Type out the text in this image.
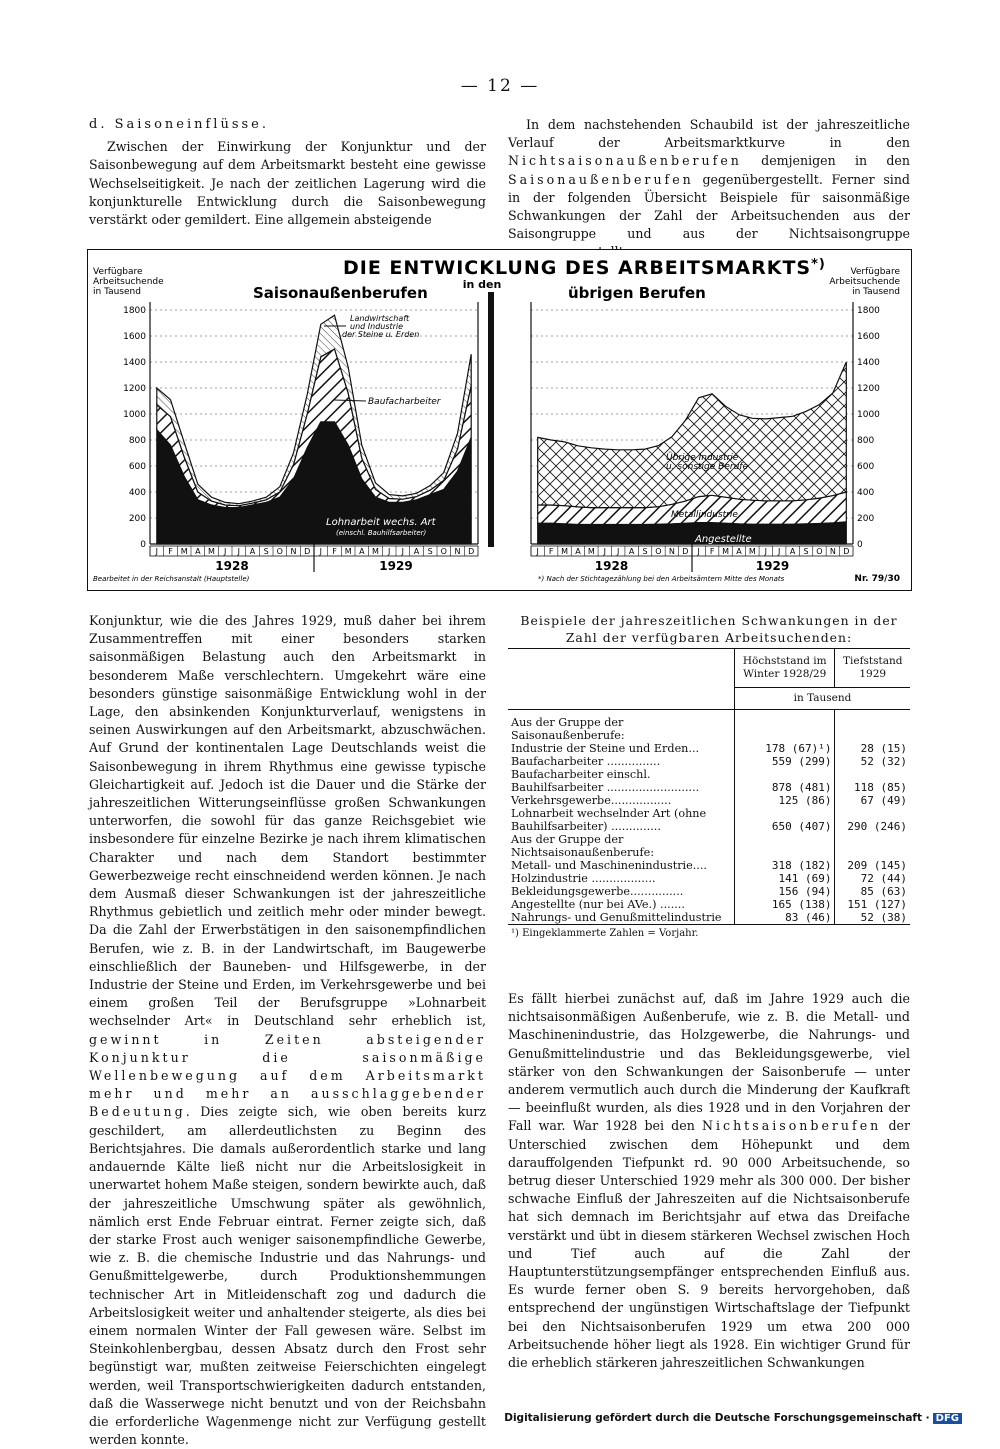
— 12 —
d. Saisoneinflüsse.

Zwischen der Einwirkung der Konjunktur und der Saisonbewegung auf dem Arbeitsmarkt besteht eine gewisse Wechselseitigkeit. Je nach der zeitlichen Lagerung wird die konjunkturelle Entwicklung durch die Saisonbewegung verstärkt oder gemildert. Eine allgemein absteigende

In dem nachstehenden Schaubild ist der jahreszeitliche Verlauf der Arbeitsmarktkurve in den Nichtsaisonaußenberufen demjenigen in den Saisonaußenberufen gegenübergestellt. Ferner sind in der folgenden Übersicht Beispiele für saisonmäßige Schwankungen der Zahl der Arbeitsuchenden aus der Saisongruppe und aus der Nichtsaisongruppe

DIE ENTWICKLUNG DES ARBEITSMARKTS*)
in den
Saisonaußenberufen	übrigen Berufen
Verfügbare
Arbeitsuchende
in Tausend
Verfügbare
Arbeitsuchende
in Tausend
0
200
400
600
800
1000
1200
1400
1600
1800
J F M A M J J A S O N D J F M A M J J A S O N D
1928	1929
0
200
400
600
800
1000
1200
1400
1600
1800
J F M A M J J A S O N D J F M A M J J A S O N D
1928	1929
Landwirtschaft
und Industrie
der Steine u. Erden
Baufacharbeiter
Lohnarbeit wechs. Art
(einschl. Bauhilfsarbeiter)
Übrige Industrie
u. sonstige Berufe
Metallindustrie
Angestellte
Bearbeitet in der Reichsanstalt (Hauptstelle)	*) Nach der Stichtagezählung bei den Arbeitsämtern Mitte des Monats	Nr. 79/30

Konjunktur, wie die des Jahres 1929, muß daher bei ihrem Zusammentreffen mit einer besonders starken saisonmäßigen Belastung auch den Arbeitsmarkt in besonderem Maße verschlechtern. Umgekehrt wäre eine besonders günstige saisonmäßige Entwicklung wohl in der Lage, den absinkenden Konjunkturverlauf, wenigstens in seinen Auswirkungen auf den Arbeitsmarkt, abzuschwächen. Auf Grund der kontinentalen Lage Deutschlands weist die Saisonbewegung in ihrem Rhythmus eine gewisse typische Gleichartigkeit auf. Jedoch ist die Dauer und die Stärke der jahreszeitlichen Witterungseinflüsse großen Schwankungen unterworfen, die sowohl für das ganze Reichsgebiet wie insbesondere für einzelne Bezirke je nach ihrem klimatischen Charakter und nach dem Standort bestimmter Gewerbezweige recht einschneidend werden können. Je nach dem Ausmaß dieser Schwankungen ist der jahreszeitliche Rhythmus gebietlich und zeitlich mehr oder minder bewegt. Da die Zahl der Erwerbstätigen in den saisonempfindlichen Berufen, wie z. B. in der Landwirtschaft, im Baugewerbe einschließlich der Bauneben- und Hilfsgewerbe, in der Industrie der Steine und Erden, im Verkehrsgewerbe und bei einem großen Teil der Berufsgruppe »Lohnarbeit wechselnder Art« in Deutschland sehr erheblich ist, gewinnt in Zeiten absteigender Konjunktur die saisonmäßige Wellenbewegung auf dem Arbeitsmarkt mehr und mehr an ausschlaggebender Bedeutung. Dies zeigte sich, wie oben bereits kurz geschildert, am allerdeutlichsten zu Beginn des Berichtsjahres. Die damals außerordentlich starke und lang andauernde Kälte ließ nicht nur die Arbeitslosigkeit in unerwartet hohem Maße steigen, sondern bewirkte auch, daß der jahreszeitliche Umschwung später als gewöhnlich, nämlich erst Ende Februar eintrat. Ferner zeigte sich, daß der starke Frost auch weniger saisonempfindliche Gewerbe, wie z. B. die chemische Industrie und das Nahrungs- und Genußmittelgewerbe, durch Produktionshemmungen technischer Art in Mitleidenschaft zog und dadurch die Arbeitslosigkeit weiter und anhaltender steigerte, als dies bei einem normalen Winter der Fall gewesen wäre. Selbst im Steinkohlenbergbau, dessen Absatz durch den Frost sehr begünstigt war, mußten zeitweise Feierschichten eingelegt werden, weil Transportschwierigkeiten dadurch entstanden, daß die Wasserwege nicht benutzt und von der Reichsbahn die erforderliche Wagenmenge nicht zur Verfügung gestellt werden konnte.

Beispiele der jahreszeitlichen Schwankungen in der Zahl der verfügbaren Arbeitsuchenden:
	Höchststand im Winter 1928/29	Tiefststand 1929
	in Tausend	
Aus der Gruppe der Saisonaußenberufe:		
Industrie der Steine und Erden...	178 (67)¹)	28 (15)
Baufacharbeiter ...............	559 (299)	52 (32)
Baufacharbeiter einschl. Bauhilfsarbeiter ..........................	878 (481)	118 (85)
Verkehrsgewerbe.................	125 (86)	67 (49)
Lohnarbeit wechselnder Art (ohne Bauhilfsarbeiter) ..............	650 (407)	290 (246)
Aus der Gruppe der Nichtsaisonaußenberufe:		
Metall- und Maschinenindustrie....	318 (182)	209 (145)
Holzindustrie ..................	141 (69)	72 (44)
Bekleidungsgewerbe...............	156 (94)	85 (63)
Angestellte (nur bei AVe.) .......	165 (138)	151 (127)
Nahrungs- und Genußmittelindustrie	83 (46)	52 (38)
¹) Eingeklammerte Zahlen = Vorjahr.		

Es fällt hierbei zunächst auf, daß im Jahre 1929 auch die nichtsaisonmäßigen Außenberufe, wie z. B. die Metall- und Maschinenindustrie, das Holzgewerbe, die Nahrungs- und Genußmittelindustrie und das Bekleidungsgewerbe, viel stärker von den Schwankungen der Saisonberufe — unter anderem vermutlich auch durch die Minderung der Kaufkraft — beeinflußt wurden, als dies 1928 und in den Vorjahren der Fall war. War 1928 bei den Nichtsaisonberufen der Unterschied zwischen dem Höhepunkt und dem darauffolgenden Tiefpunkt rd. 90 000 Arbeitsuchende, so betrug dieser Unterschied 1929 mehr als 300 000. Der bisher schwache Einfluß der Jahreszeiten auf die Nichtsaisonberufe hat sich demnach im Berichtsjahr auf etwa das Dreifache verstärkt und übt in diesem stärkeren Wechsel zwischen Hoch und Tief auch auf die Zahl der Hauptunterstützungsempfänger entsprechenden Einfluß aus. Es wurde ferner oben S. 9 bereits hervorgehoben, daß entsprechend der ungünstigen Wirtschaftslage der Tiefpunkt bei den Nichtsaisonberufen 1929 um etwa 200 000 Arbeitsuchende höher liegt als 1928. Ein wichtiger Grund für die erheblich stärkeren jahreszeitlichen Schwankungen

Digitalisierung gefördert durch die Deutsche Forschungsgemeinschaft · DFG
